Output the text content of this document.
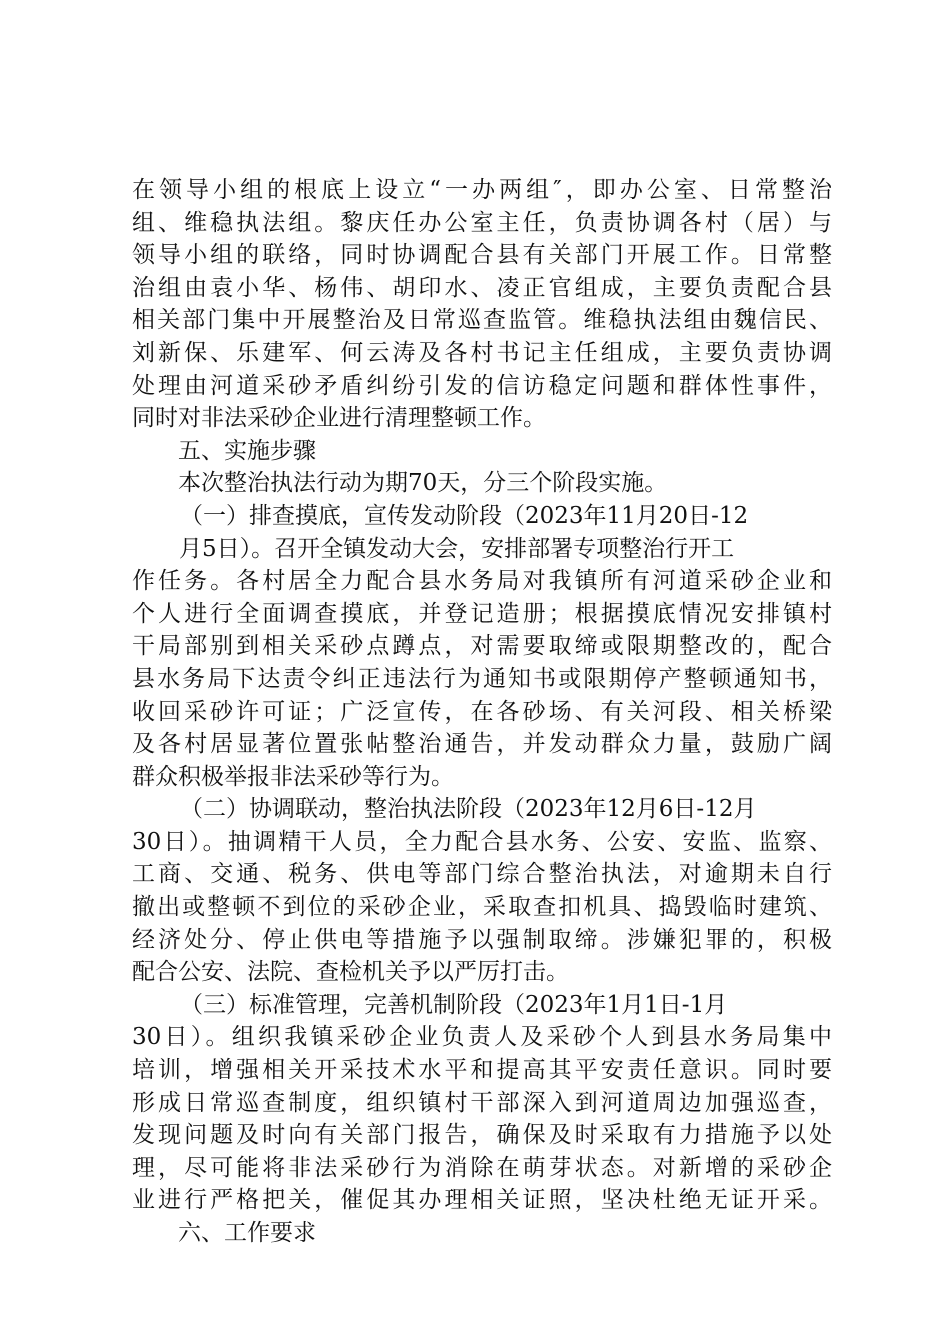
在领导小组的根底上设立“一办两组″，即办公室、日常整治
组、维稳执法组。黎庆任办公室主任，负责协调各村（居）与
领导小组的联络，同时协调配合县有关部门开展工作。日常整
治组由袁小华、杨伟、胡印水、凌正官组成，主要负责配合县
相关部门集中开展整治及日常巡查监管。维稳执法组由魏信民、
刘新保、乐建军、何云涛及各村书记主任组成，主要负责协调
处理由河道采砂矛盾纠纷引发的信访稳定问题和群体性事件，
同时对非法采砂企业进行清理整顿工作。
五、实施步骤
本次整治执法行动为期70天，分三个阶段实施。
（一）排查摸底，宣传发动阶段（2023年11月20日-12
月5日）。召开全镇发动大会，安排部署专项整治行开工
作任务。各村居全力配合县水务局对我镇所有河道采砂企业和
个人进行全面调查摸底，并登记造册；根据摸底情况安排镇村
干局部别到相关采砂点蹲点，对需要取缔或限期整改的，配合
县水务局下达责令纠正违法行为通知书或限期停产整顿通知书，
收回采砂许可证；广泛宣传，在各砂场、有关河段、相关桥梁
及各村居显著位置张帖整治通告，并发动群众力量，鼓励广阔
群众积极举报非法采砂等行为。
（二）协调联动，整治执法阶段（2023年12月6日-12月
30日）。抽调精干人员，全力配合县水务、公安、安监、监察、
工商、交通、税务、供电等部门综合整治执法，对逾期未自行
撤出或整顿不到位的采砂企业，采取查扣机具、捣毁临时建筑、
经济处分、停止供电等措施予以强制取缔。涉嫌犯罪的，积极
配合公安、法院、查检机关予以严厉打击。
（三）标准管理，完善机制阶段（2023年1月1日-1月
30日）。组织我镇采砂企业负责人及采砂个人到县水务局集中
培训，增强相关开采技术水平和提高其平安责任意识。同时要
形成日常巡查制度，组织镇村干部深入到河道周边加强巡查，
发现问题及时向有关部门报告，确保及时采取有力措施予以处
理，尽可能将非法采砂行为消除在萌芽状态。对新增的采砂企
业进行严格把关，催促其办理相关证照，坚决杜绝无证开采。
六、工作要求
